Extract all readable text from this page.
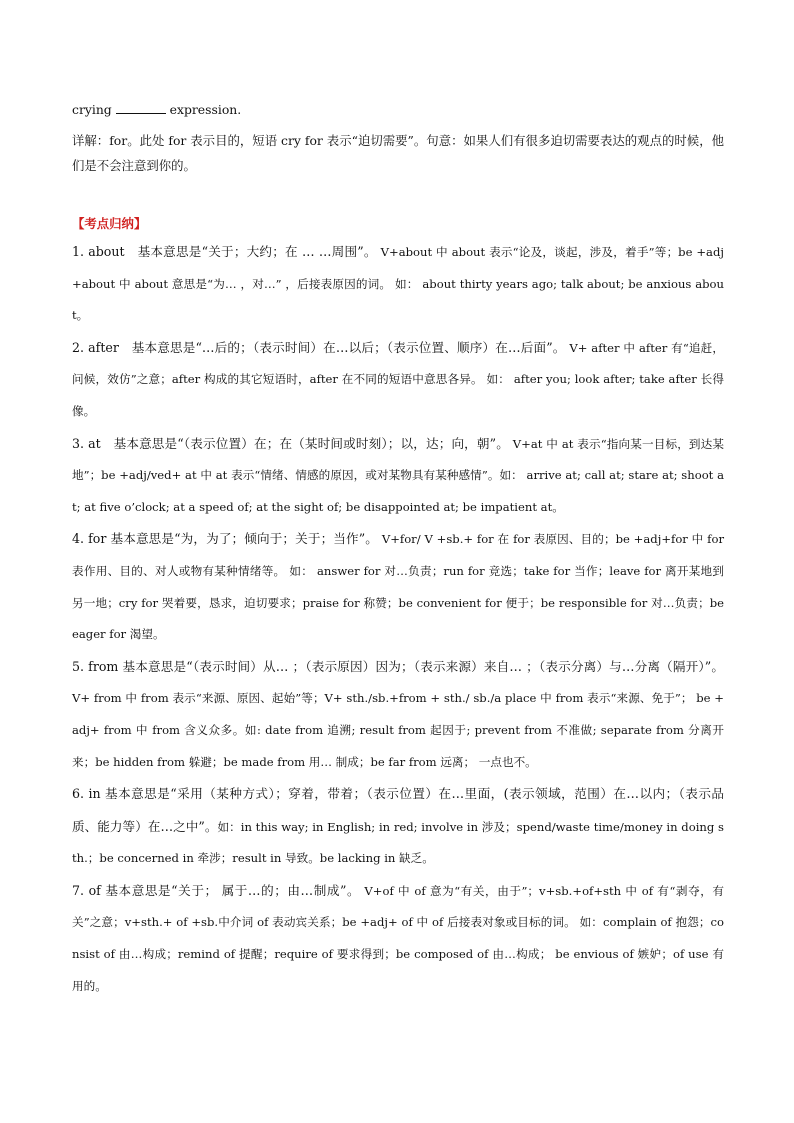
crying	expression.

详解：for。此处 for 表示目的，短语 cry for 表示“迫切需要”。句意：如果人们有很多迫切需要表达的观点的时候，他们是不会注意到你的。

【考点归纳】

1. about　基本意思是“关于；大约；在 … …周围”。 V+about 中 about 表示“论及，谈起，涉及，着手”等；be +adj+about 中 about 意思是“为… ，对…” ，后接表原因的词。 如： about thirty years ago; talk about; be anxious about。

2. after　基本意思是“…后的；（表示时间）在…以后；（表示位置、顺序）在…后面”。 V+ after 中 after 有“追赶，问候，效仿”之意；after 构成的其它短语时，after 在不同的短语中意思各异。 如： after you; look after; take after 长得像。

3. at　基本意思是“（表示位置）在；在（某时间或时刻）；以，达；向，朝”。 V+at 中 at 表示“指向某一目标，到达某地”；be +adj/ved+ at 中 at 表示“情绪、情感的原因，或对某物具有某种感情”。如： arrive at; call at; stare at; shoot at; at five o’clock; at a speed of; at the sight of; be disappointed at; be impatient at。

4. for 基本意思是“为，为了；倾向于；关于；当作”。 V+for/ V +sb.+ for 在 for 表原因、目的；be +adj+for 中 for 表作用、目的、对人或物有某种情绪等。 如： answer for 对…负责；run for 竞选；take for 当作；leave for 离开某地到另一地；cry for 哭着要，恳求，迫切要求；praise for 称赞；be convenient for 便于；be responsible for 对…负责；be eager for 渴望。

5. from 基本意思是“（表示时间）从… ；（表示原因）因为；（表示来源）来自… ；（表示分离）与…分离（隔开）”。V+ from 中 from 表示“来源、原因、起始”等；V+ sth./sb.+from + sth./ sb./a place 中 from 表示“来源、免于”； be +adj+ from 中 from 含义众多。如: date from 追溯; result from 起因于; prevent from 不准做; separate from 分离开来；be hidden from 躲避；be made from 用… 制成；be far from 远离； 一点也不。

6. in 基本意思是“采用（某种方式）；穿着，带着；（表示位置）在…里面，(表示领域，范围）在…以内；（表示品质、能力等）在…之中”。如：in this way; in English; in red; involve in 涉及；spend/waste time/money in doing sth.；be concerned in 牵涉；result in 导致。be lacking in 缺乏。

7. of 基本意思是“关于； 属于…的；由…制成”。 V+of 中 of 意为“有关，由于”；v+sb.+of+sth 中 of 有“剥夺，有关”之意；v+sth.+ of +sb.中介词 of 表动宾关系；be +adj+ of 中 of 后接表对象或目标的词。 如：complain of 抱怨；consist of 由…构成；remind of 提醒；require of 要求得到；be composed of 由…构成； be envious of 嫉妒；of use 有用的。
